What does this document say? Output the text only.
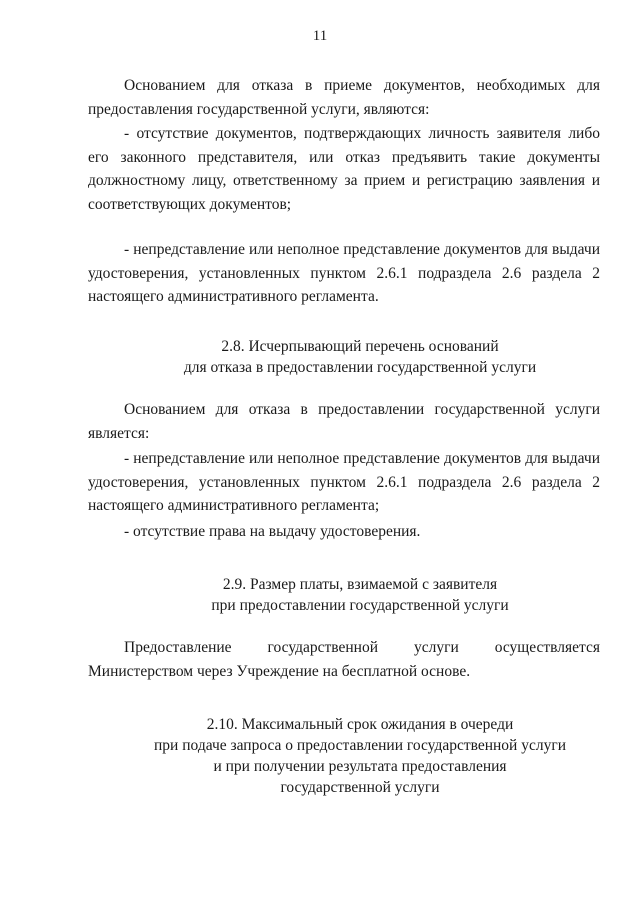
11

Основанием для отказа в приеме документов, необходимых для предоставления государственной услуги, являются:

- отсутствие документов, подтверждающих личность заявителя либо его законного представителя, или отказ предъявить такие документы должностному лицу, ответственному за прием и регистрацию заявления и соответствующих документов;

- непредставление или неполное представление документов для выдачи удостоверения, установленных пунктом 2.6.1 подраздела 2.6 раздела 2 настоящего административного регламента.

2.8. Исчерпывающий перечень оснований
для отказа в предоставлении государственной услуги

Основанием для отказа в предоставлении государственной услуги является:

- непредставление или неполное представление документов для выдачи удостоверения, установленных пунктом 2.6.1 подраздела 2.6 раздела 2 настоящего административного регламента;

- отсутствие права на выдачу удостоверения.

2.9. Размер платы, взимаемой с заявителя
при предоставлении государственной услуги

Предоставление государственной услуги осуществляется Министерством через Учреждение на бесплатной основе.

2.10. Максимальный срок ожидания в очереди
при подаче запроса о предоставлении государственной услуги
и при получении результата предоставления
государственной услуги
